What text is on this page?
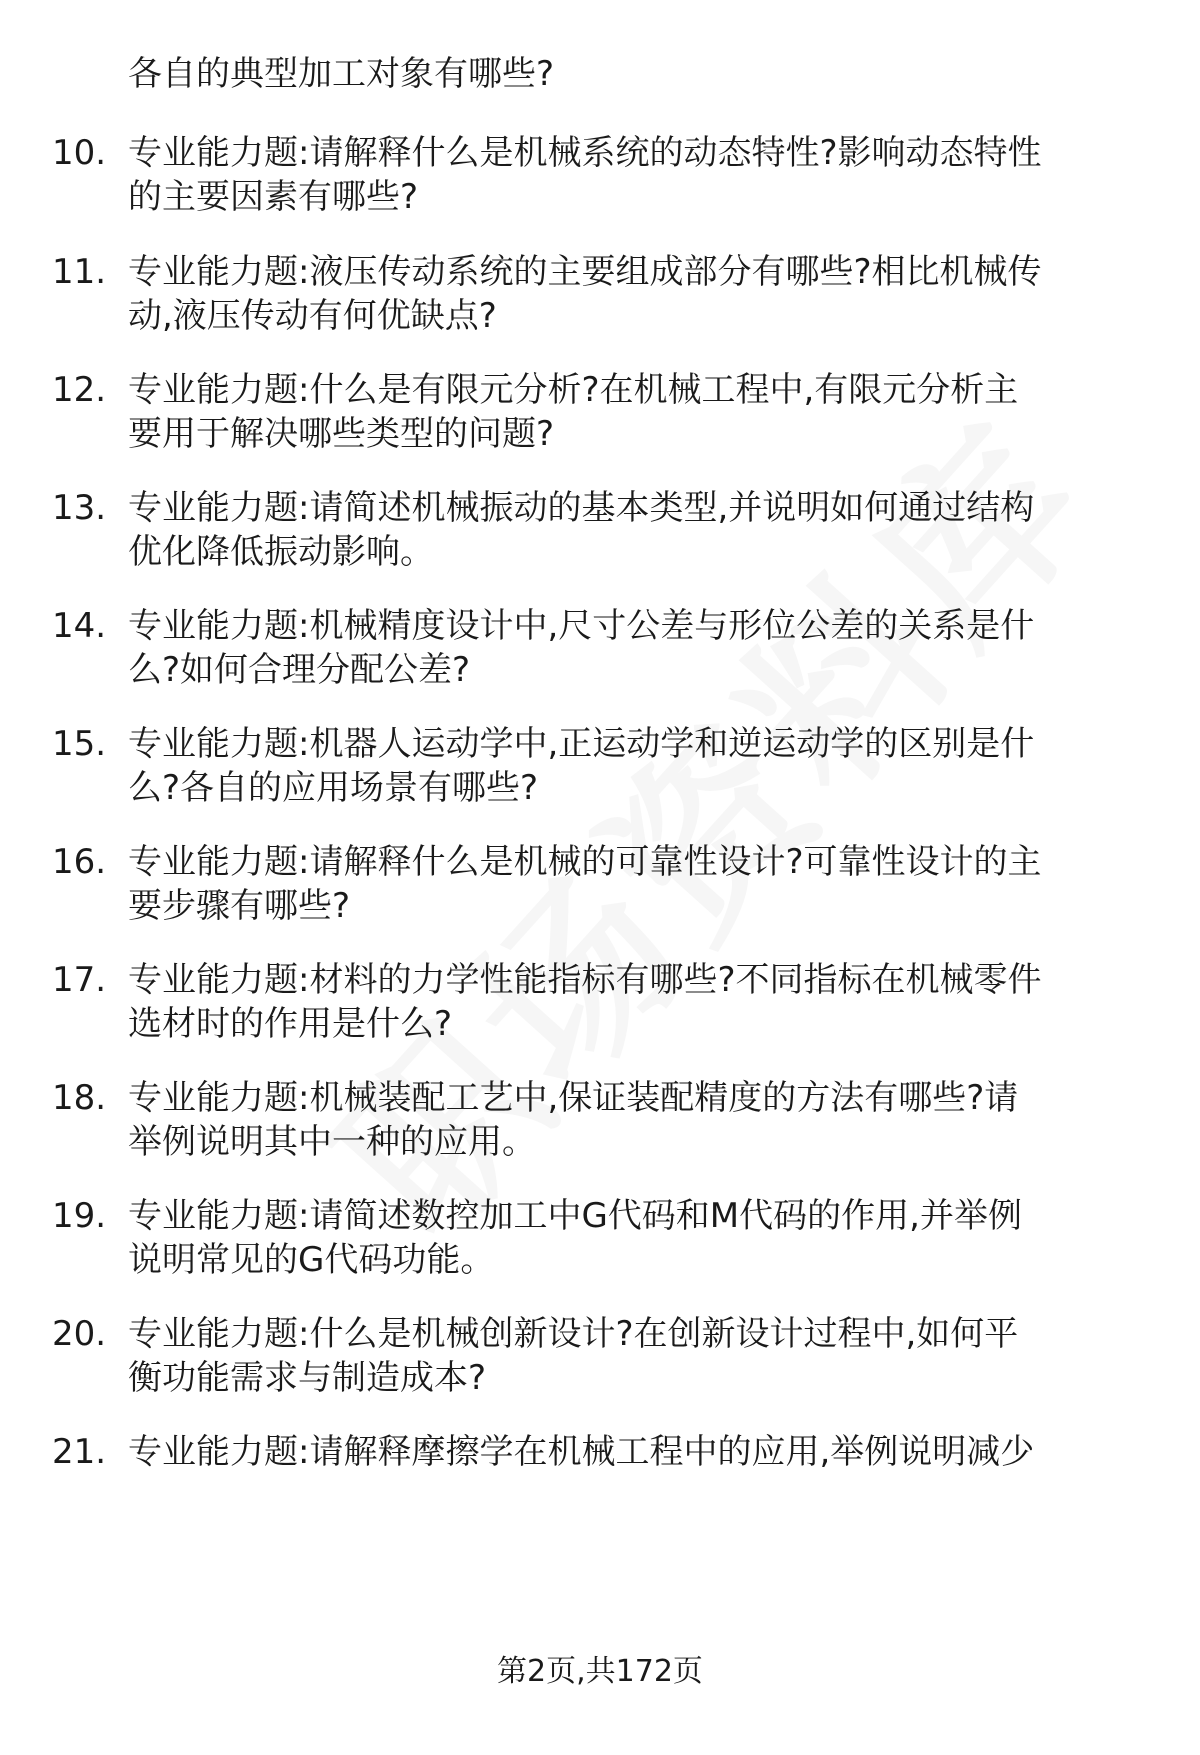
各自的典型加工对象有哪些?
10. 专业能力题:请解释什么是机械系统的动态特性?影响动态特性
的主要因素有哪些?
11. 专业能力题:液压传动系统的主要组成部分有哪些?相比机械传
动,液压传动有何优缺点?
12. 专业能力题:什么是有限元分析?在机械工程中,有限元分析主
要用于解决哪些类型的问题?
13. 专业能力题:请简述机械振动的基本类型,并说明如何通过结构
优化降低振动影响。
14. 专业能力题:机械精度设计中,尺寸公差与形位公差的关系是什
么?如何合理分配公差?
15. 专业能力题:机器人运动学中,正运动学和逆运动学的区别是什
么?各自的应用场景有哪些?
16. 专业能力题:请解释什么是机械的可靠性设计?可靠性设计的主
要步骤有哪些?
17. 专业能力题:材料的力学性能指标有哪些?不同指标在机械零件
选材时的作用是什么?
18. 专业能力题:机械装配工艺中,保证装配精度的方法有哪些?请
举例说明其中一种的应用。
19. 专业能力题:请简述数控加工中G代码和M代码的作用,并举例
说明常见的G代码功能。
20. 专业能力题:什么是机械创新设计?在创新设计过程中,如何平
衡功能需求与制造成本?
21. 专业能力题:请解释摩擦学在机械工程中的应用,举例说明减少
第2页,共172页
